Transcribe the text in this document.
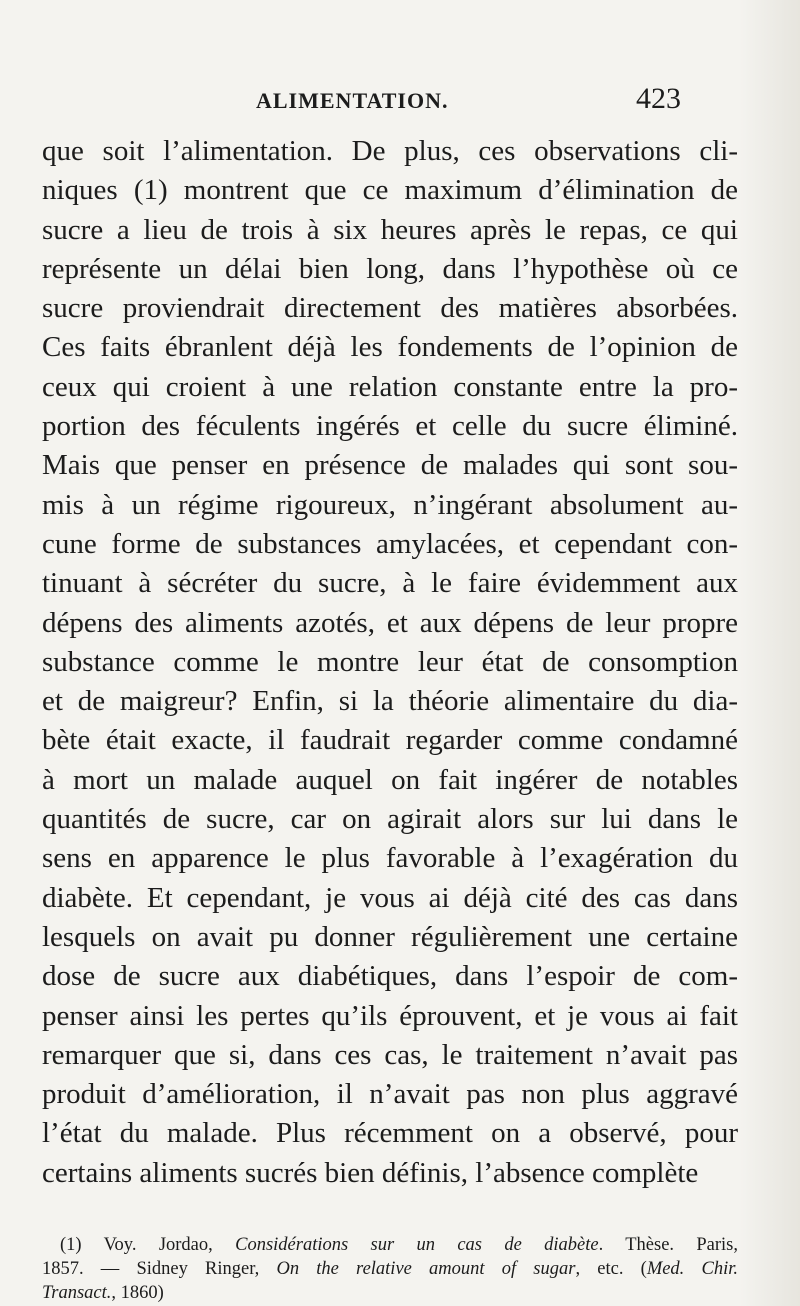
ALIMENTATION.	423
que soit l’alimentation. De plus, ces observations cli-
niques (1) montrent que ce maximum d’élimination de
sucre a lieu de trois à six heures après le repas, ce qui
représente un délai bien long, dans l’hypothèse où ce
sucre proviendrait directement des matières absorbées.
Ces faits ébranlent déjà les fondements de l’opinion de
ceux qui croient à une relation constante entre la pro-
portion des féculents ingérés et celle du sucre éliminé.
Mais que penser en présence de malades qui sont sou-
mis à un régime rigoureux, n’ingérant absolument au-
cune forme de substances amylacées, et cependant con-
tinuant à sécréter du sucre, à le faire évidemment aux
dépens des aliments azotés, et aux dépens de leur propre
substance comme le montre leur état de consomption
et de maigreur? Enfin, si la théorie alimentaire du dia-
bète était exacte, il faudrait regarder comme condamné
à mort un malade auquel on fait ingérer de notables
quantités de sucre, car on agirait alors sur lui dans le
sens en apparence le plus favorable à l’exagération du
diabète. Et cependant, je vous ai déjà cité des cas dans
lesquels on avait pu donner régulièrement une certaine
dose de sucre aux diabétiques, dans l’espoir de com-
penser ainsi les pertes qu’ils éprouvent, et je vous ai fait
remarquer que si, dans ces cas, le traitement n’avait pas
produit d’amélioration, il n’avait pas non plus aggravé
l’état du malade. Plus récemment on a observé, pour
certains aliments sucrés bien définis, l’absence complète
(1) Voy. Jordao, Considérations sur un cas de diabète. Thèse. Paris,
1857. — Sidney Ringer, On the relative amount of sugar, etc. (Med. Chir.
Transact., 1860)
